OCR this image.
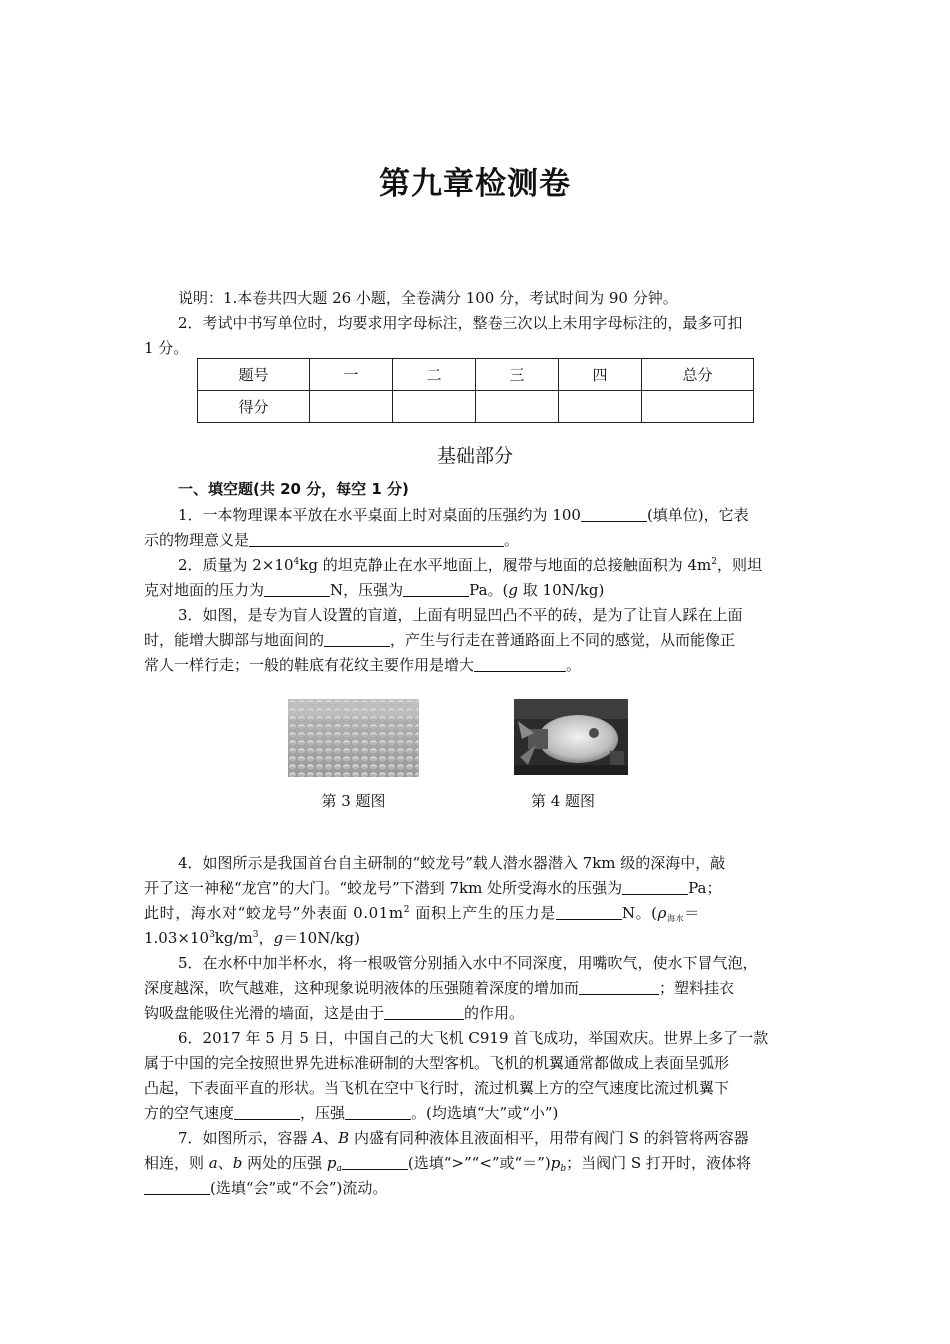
第九章检测卷
说明：1.本卷共四大题 26 小题，全卷满分 100 分，考试时间为 90 分钟。
2．考试中书写单位时，均要求用字母标注，整卷三次以上未用字母标注的，最多可扣
1 分。
题号	一	二	三	四	总分
得分					
基础部分
一、填空题(共 20 分，每空 1 分)
1．一本物理课本平放在水平桌面上时对桌面的压强约为 100	(填单位)，它表
示的物理意义是	。
2．质量为 $2\times 10^4kg$ 的坦克静止在水平地面上，履带与地面的总接触面积为 $4m^2$，则坦
克对地面的压力为	N，压强为	Pa。(g 取 10N/kg)
3．如图，是专为盲人设置的盲道，上面有明显凹凸不平的砖，是为了让盲人踩在上面
时，能增大脚部与地面间的	，产生与行走在普通路面上不同的感觉，从而能像正
常人一样行走；一般的鞋底有花纹主要作用是增大	。
第 3 题图	第 4 题图
4．如图所示是我国首台自主研制的“蛟龙号”载人潜水器潜入 7km 级的深海中，敲
开了这一神秘“龙宫”的大门。“蛟龙号”下潜到 7km 处所受海水的压强为	Pa；
此时，海水对“蛟龙号”外表面 $0.01m^2$ 面积上产生的压力是	N。($\rho_{海水}=$
$1.03\times 10^3kg/m^3$，g＝10N/kg)
5．在水杯中加半杯水，将一根吸管分别插入水中不同深度，用嘴吹气，使水下冒气泡，
深度越深，吹气越难，这种现象说明液体的压强随着深度的增加而	；塑料挂衣
钩吸盘能吸住光滑的墙面，这是由于	的作用。
6．2017 年 5 月 5 日，中国自己的大飞机 C919 首飞成功，举国欢庆。世界上多了一款
属于中国的完全按照世界先进标准研制的大型客机。飞机的机翼通常都做成上表面呈弧形
凸起，下表面平直的形状。当飞机在空中飞行时，流过机翼上方的空气速度比流过机翼下
方的空气速度	，压强	。(均选填“大”或“小”)
7．如图所示，容器 A、B 内盛有同种液体且液面相平，用带有阀门 S 的斜管将两容器
相连，则 a、b 两处的压强 $p_a$	(选填“>”“<”或“$=”)p_b$；当阀门 S 打开时，液体将
(选填“会”或“不会”)流动。
